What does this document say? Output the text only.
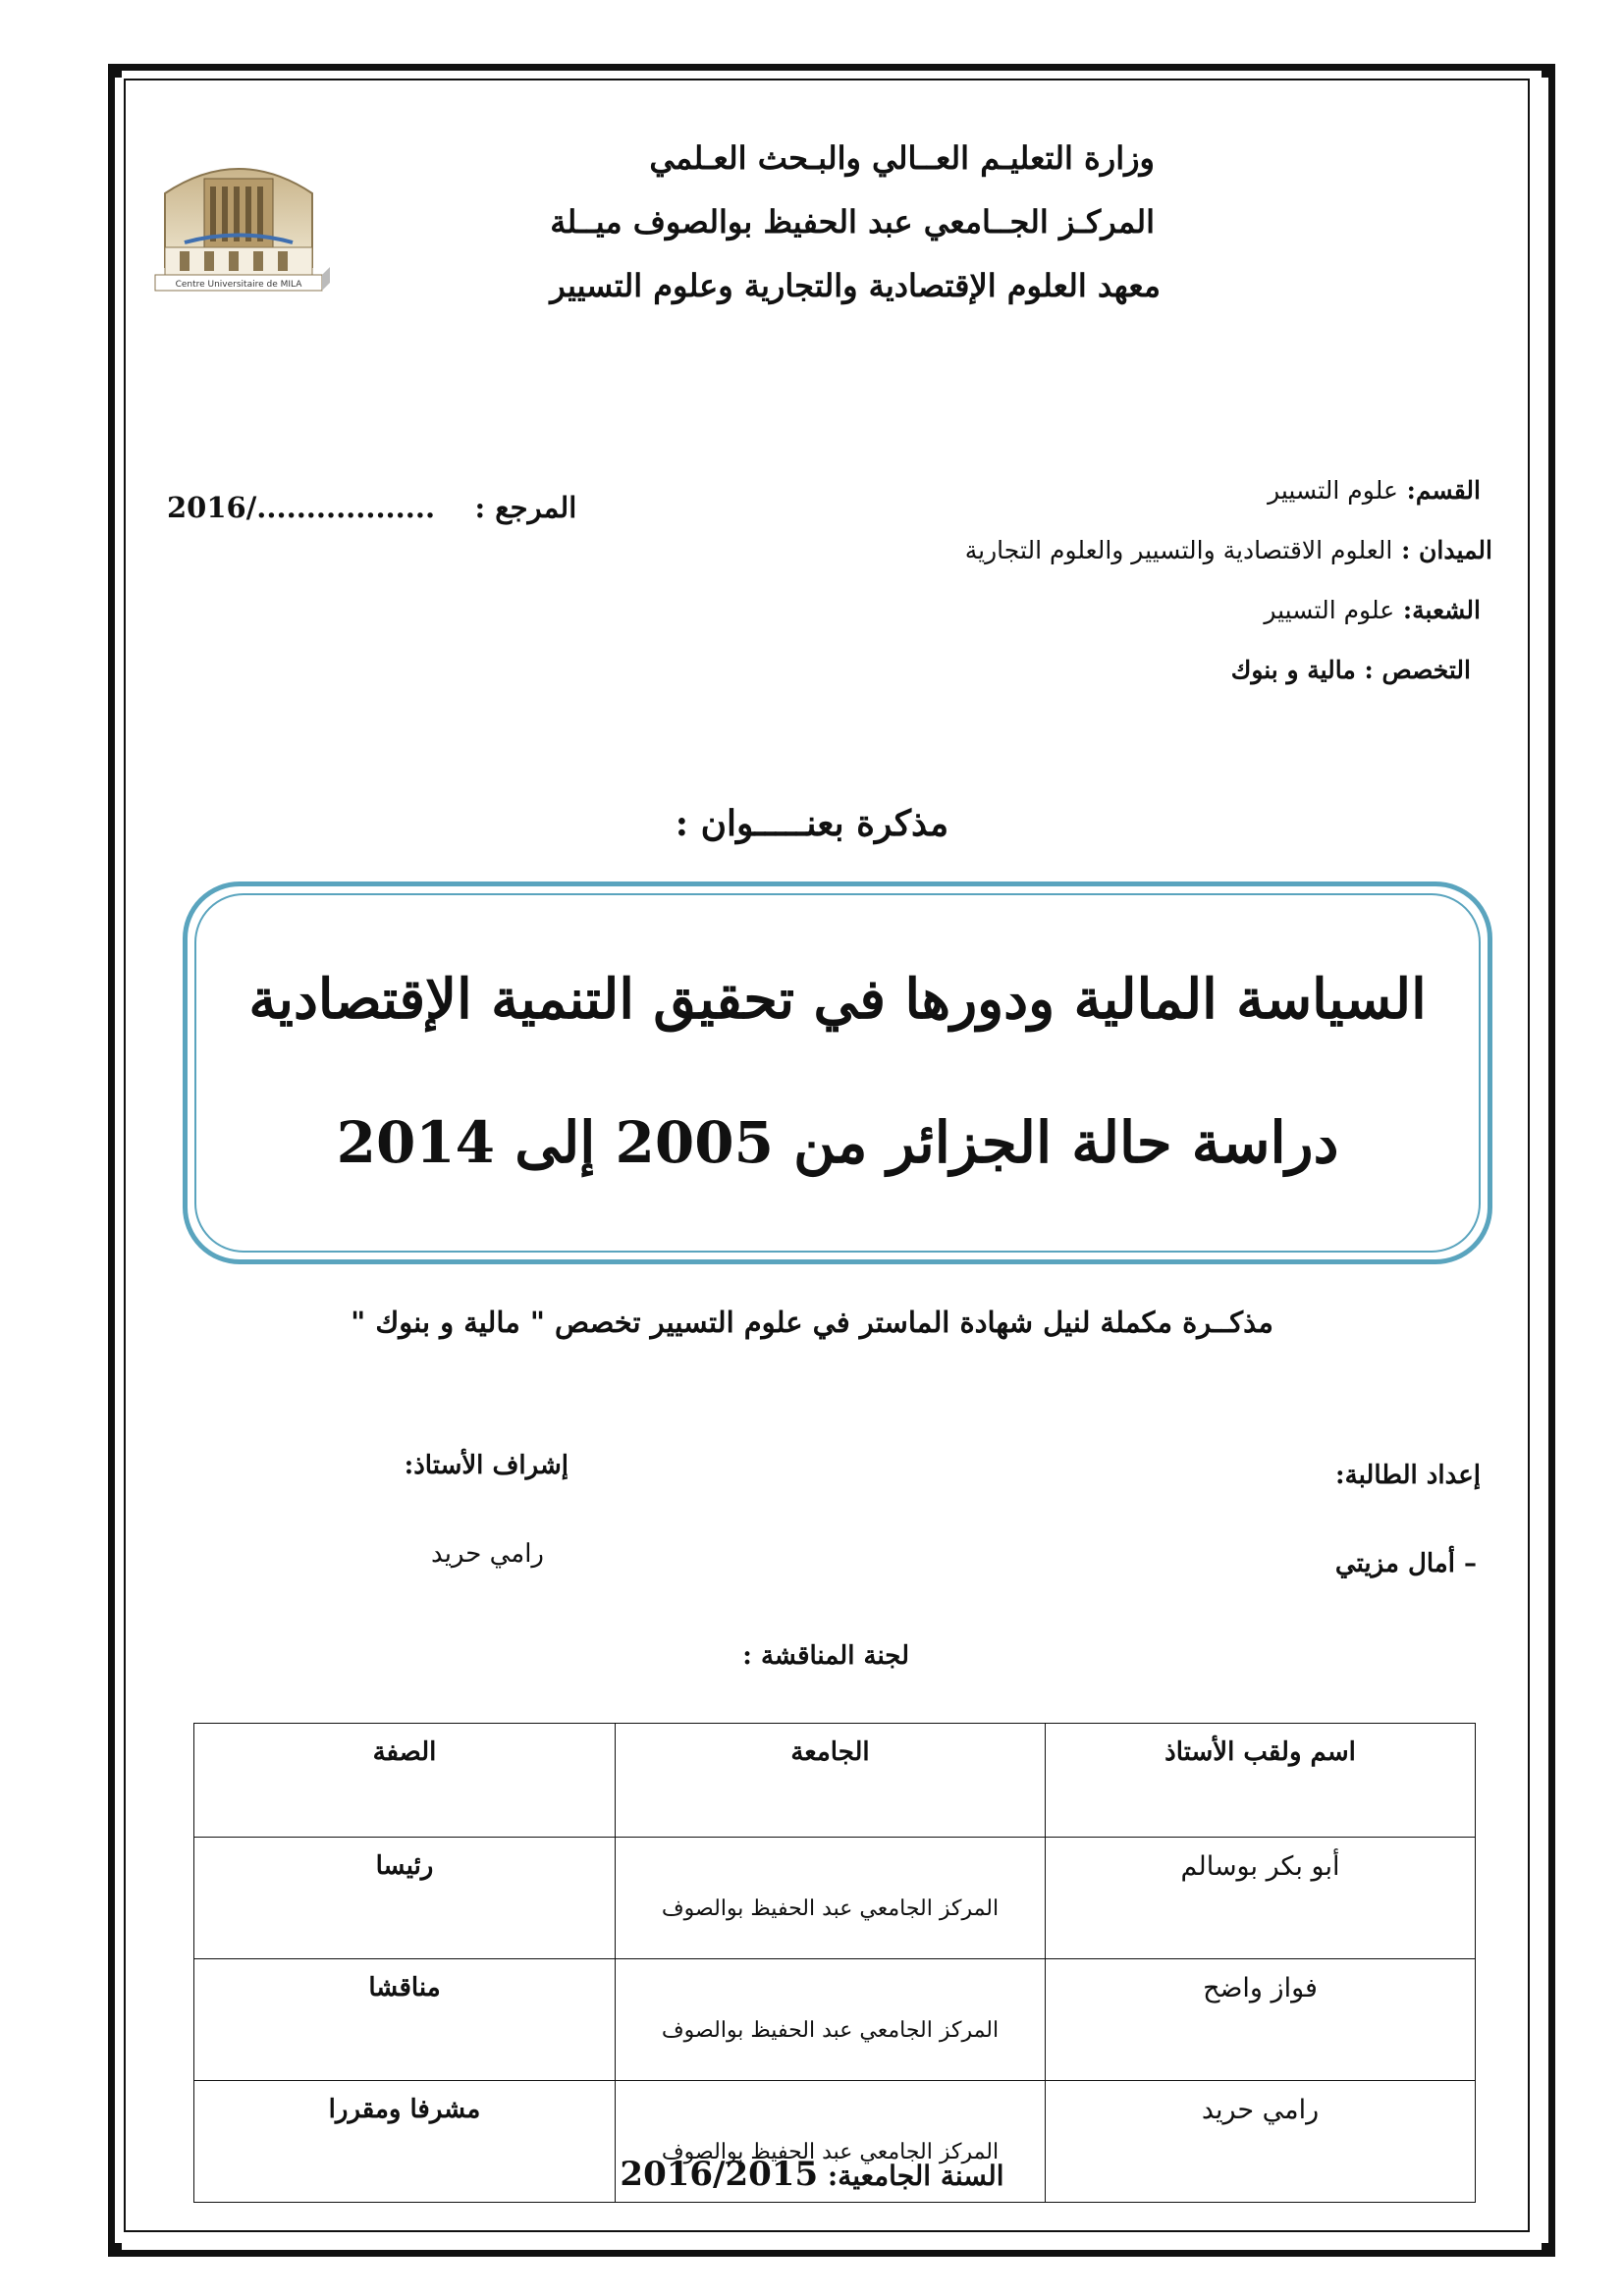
Centre Universitaire de MILA
وزارة التعليـم العــالي والبـحث العـلمي
المركـز الجــامعي عبد الحفيظ بوالصوف ميــلة
معهد العلوم الإقتصادية والتجارية وعلوم التسيير
القسم: علوم التسيير
الميدان : العلوم الاقتصادية والتسيير والعلوم التجارية
الشعبة: علوم التسيير
التخصص : مالية و بنوك
2016/.................. المرجع :
مذكرة بعنـــــوان :
السياسة المالية ودورها في تحقيق التنمية الإقتصادية
دراسة حالة الجزائر من 2005 إلى 2014
مذكــرة مكملة لنيل شهادة الماستر في علوم التسيير تخصص " مالية و بنوك "
إعداد الطالبة:
– أمال مزيتي
إشراف الأستاذ:
رامي حريد
لجنة المناقشة :
اسم ولقب الأستاذ	الجامعة	الصفة
أبو بكر بوسالم	المركز الجامعي عبد الحفيظ بوالصوف	رئيسا
فواز واضح	المركز الجامعي عبد الحفيظ بوالصوف	مناقشا
رامي حريد	المركز الجامعي عبد الحفيظ بوالصوف	مشرفا ومقررا
السنة الجامعية: 2016/2015
